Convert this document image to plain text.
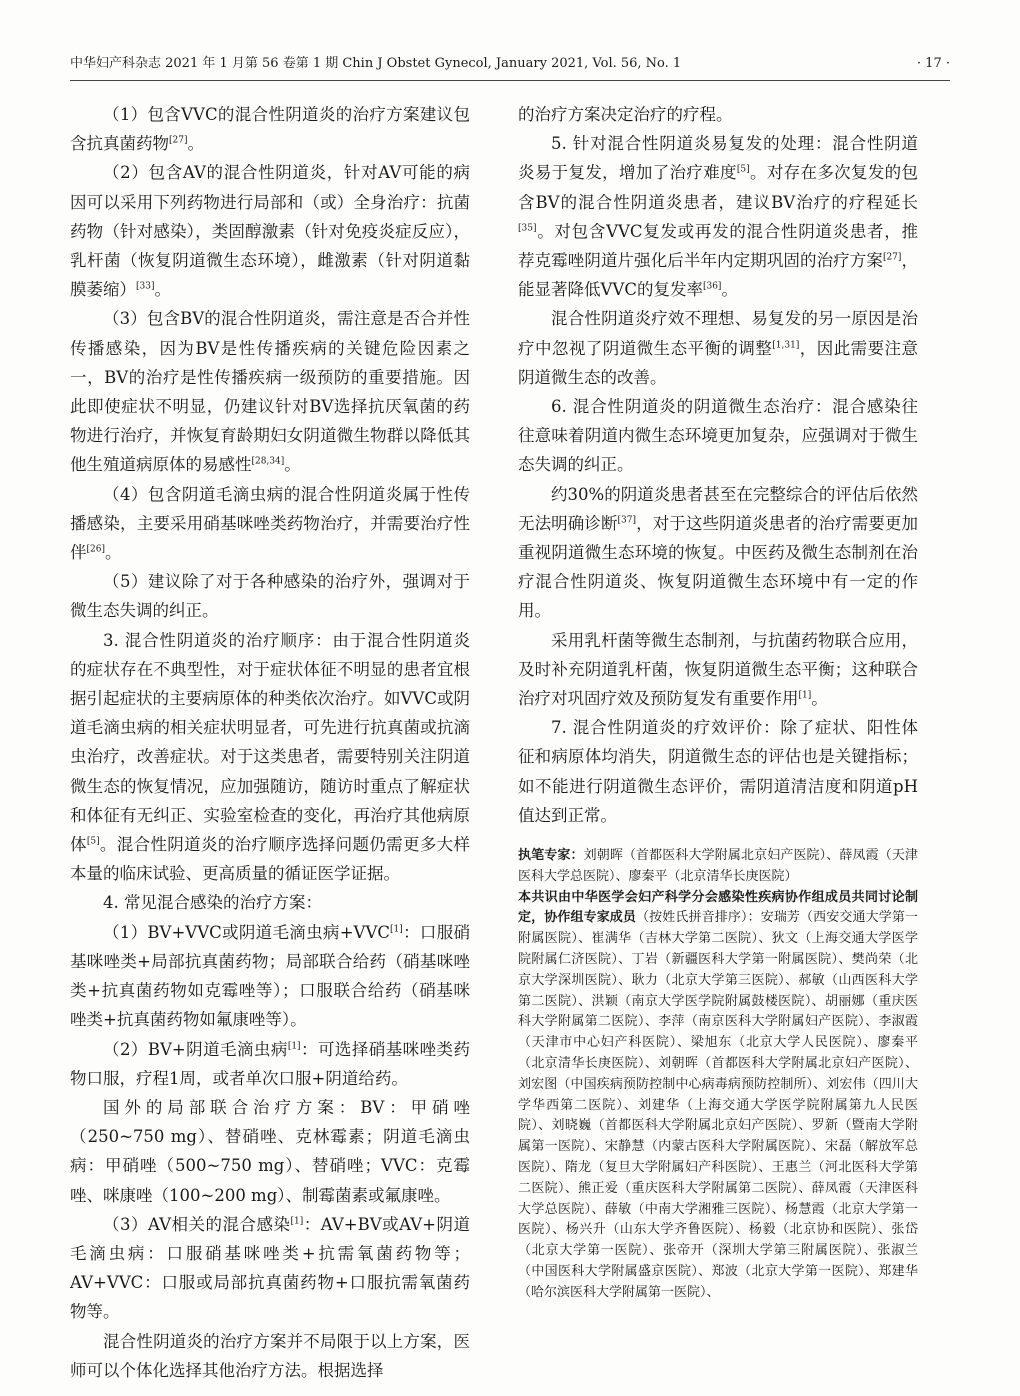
中华妇产科杂志 2021 年 1 月第 56 卷第 1 期 Chin J Obstet Gynecol, January 2021, Vol. 56, No. 1	· 17 ·

（1）包含VVC的混合性阴道炎的治疗方案建议包含抗真菌药物[27]。

（2）包含AV的混合性阴道炎，针对AV可能的病因可以采用下列药物进行局部和（或）全身治疗：抗菌药物（针对感染），类固醇激素（针对免疫炎症反应），乳杆菌（恢复阴道微生态环境），雌激素（针对阴道黏膜萎缩）[33]。

（3）包含BV的混合性阴道炎，需注意是否合并性传播感染，因为BV是性传播疾病的关键危险因素之一，BV的治疗是性传播疾病一级预防的重要措施。因此即使症状不明显，仍建议针对BV选择抗厌氧菌的药物进行治疗，并恢复育龄期妇女阴道微生物群以降低其他生殖道病原体的易感性[28,34]。

（4）包含阴道毛滴虫病的混合性阴道炎属于性传播感染，主要采用硝基咪唑类药物治疗，并需要治疗性伴[26]。

（5）建议除了对于各种感染的治疗外，强调对于微生态失调的纠正。

3. 混合性阴道炎的治疗顺序：由于混合性阴道炎的症状存在不典型性，对于症状体征不明显的患者宜根据引起症状的主要病原体的种类依次治疗。如VVC或阴道毛滴虫病的相关症状明显者，可先进行抗真菌或抗滴虫治疗，改善症状。对于这类患者，需要特别关注阴道微生态的恢复情况，应加强随访，随访时重点了解症状和体征有无纠正、实验室检查的变化，再治疗其他病原体[5]。混合性阴道炎的治疗顺序选择问题仍需更多大样本量的临床试验、更高质量的循证医学证据。

4. 常见混合感染的治疗方案：

（1）BV+VVC或阴道毛滴虫病+VVC[1]：口服硝基咪唑类+局部抗真菌药物；局部联合给药（硝基咪唑类+抗真菌药物如克霉唑等）；口服联合给药（硝基咪唑类+抗真菌药物如氟康唑等）。

（2）BV+阴道毛滴虫病[1]：可选择硝基咪唑类药物口服，疗程1周，或者单次口服+阴道给药。

国外的局部联合治疗方案：BV：甲硝唑（250~750 mg）、替硝唑、克林霉素；阴道毛滴虫病：甲硝唑（500~750 mg）、替硝唑；VVC：克霉唑、咪康唑（100~200 mg）、制霉菌素或氟康唑。

（3）AV相关的混合感染[1]：AV+BV或AV+阴道毛滴虫病：口服硝基咪唑类+抗需氧菌药物等；AV+VVC：口服或局部抗真菌药物+口服抗需氧菌药物等。

混合性阴道炎的治疗方案并不局限于以上方案，医师可以个体化选择其他治疗方法。根据选择

的治疗方案决定治疗的疗程。

5. 针对混合性阴道炎易复发的处理：混合性阴道炎易于复发，增加了治疗难度[5]。对存在多次复发的包含BV的混合性阴道炎患者，建议BV治疗的疗程延长[35]。对包含VVC复发或再发的混合性阴道炎患者，推荐克霉唑阴道片强化后半年内定期巩固的治疗方案[27]，能显著降低VVC的复发率[36]。

混合性阴道炎疗效不理想、易复发的另一原因是治疗中忽视了阴道微生态平衡的调整[1,31]，因此需要注意阴道微生态的改善。

6. 混合性阴道炎的阴道微生态治疗：混合感染往往意味着阴道内微生态环境更加复杂，应强调对于微生态失调的纠正。

约30%的阴道炎患者甚至在完整综合的评估后依然无法明确诊断[37]，对于这些阴道炎患者的治疗需要更加重视阴道微生态环境的恢复。中医药及微生态制剂在治疗混合性阴道炎、恢复阴道微生态环境中有一定的作用。

采用乳杆菌等微生态制剂，与抗菌药物联合应用，及时补充阴道乳杆菌，恢复阴道微生态平衡；这种联合治疗对巩固疗效及预防复发有重要作用[1]。

7. 混合性阴道炎的疗效评价：除了症状、阳性体征和病原体均消失，阴道微生态的评估也是关键指标；如不能进行阴道微生态评价，需阴道清洁度和阴道pH值达到正常。

执笔专家：刘朝晖（首都医科大学附属北京妇产医院）、薛凤霞（天津医科大学总医院）、廖秦平（北京清华长庚医院）

本共识由中华医学会妇产科学分会感染性疾病协作组成员共同讨论制定，协作组专家成员（按姓氏拼音排序）：安瑞芳（西安交通大学第一附属医院）、崔满华（吉林大学第二医院）、狄文（上海交通大学医学院附属仁济医院）、丁岩（新疆医科大学第一附属医院）、樊尚荣（北京大学深圳医院）、耿力（北京大学第三医院）、郝敏（山西医科大学第二医院）、洪颖（南京大学医学院附属鼓楼医院）、胡丽娜（重庆医科大学附属第二医院）、李萍（南京医科大学附属妇产医院）、李淑霞（天津市中心妇产科医院）、梁旭东（北京大学人民医院）、廖秦平（北京清华长庚医院）、刘朝晖（首都医科大学附属北京妇产医院）、刘宏图（中国疾病预防控制中心病毒病预防控制所）、刘宏伟（四川大学华西第二医院）、刘建华（上海交通大学医学院附属第九人民医院）、刘晓巍（首都医科大学附属北京妇产医院）、罗新（暨南大学附属第一医院）、宋静慧（内蒙古医科大学附属医院）、宋磊（解放军总医院）、隋龙（复旦大学附属妇产科医院）、王惠兰（河北医科大学第二医院）、熊正爱（重庆医科大学附属第二医院）、薛凤霞（天津医科大学总医院）、薛敏（中南大学湘雅三医院）、杨慧霞（北京大学第一医院）、杨兴升（山东大学齐鲁医院）、杨毅（北京协和医院）、张岱（北京大学第一医院）、张帝开（深圳大学第三附属医院）、张淑兰（中国医科大学附属盛京医院）、郑波（北京大学第一医院）、郑建华（哈尔滨医科大学附属第一医院）、
